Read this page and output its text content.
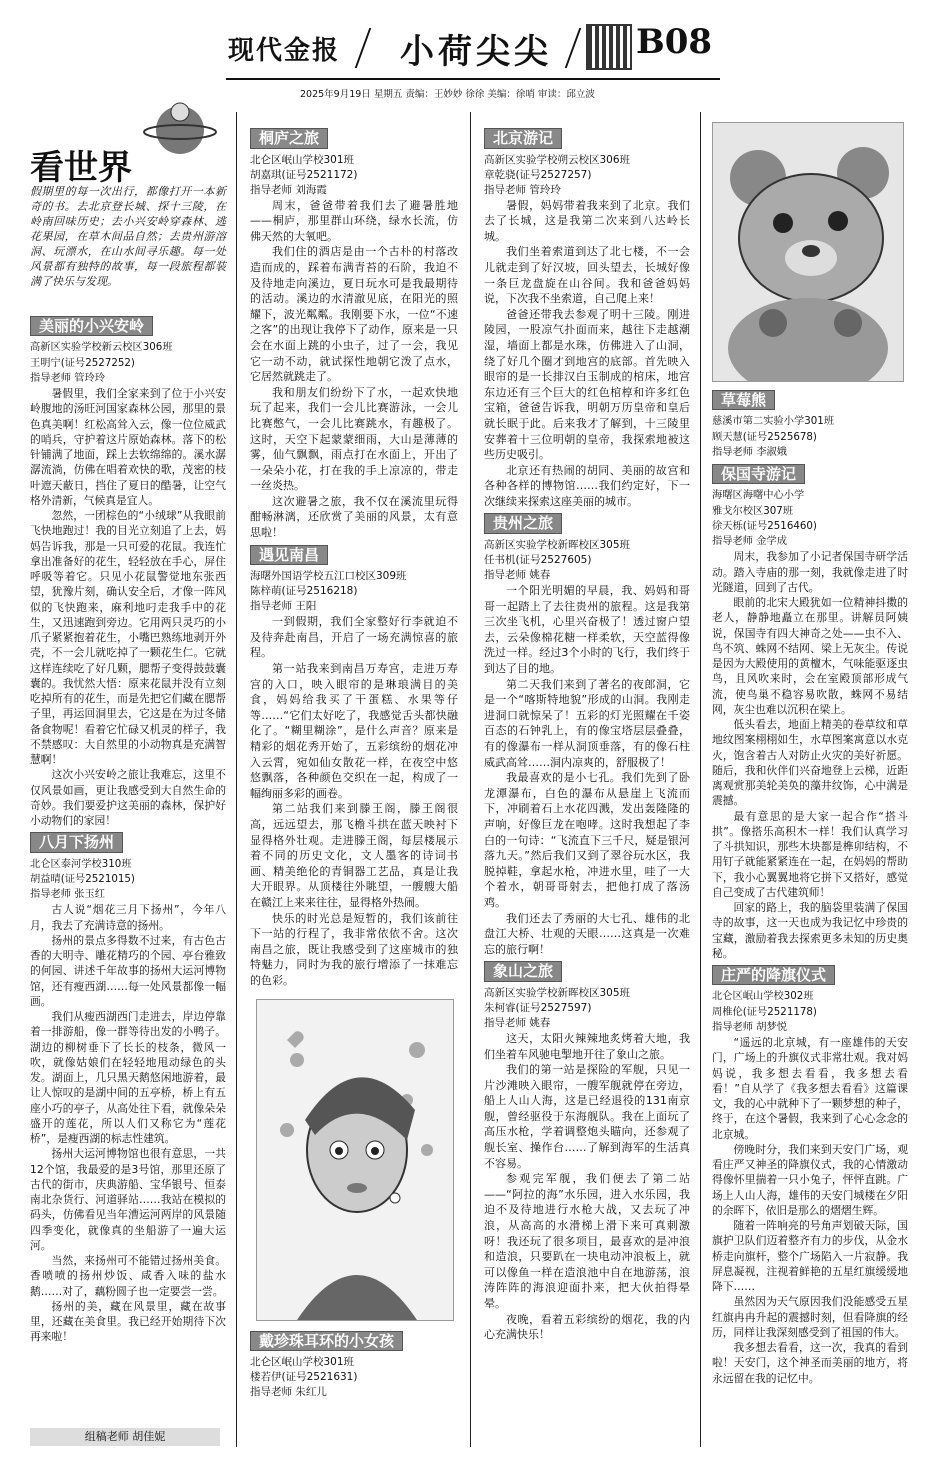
现代金报 小荷尖尖 B08
2025年9月19日 星期五 责编：王妙妙 徐徐 美编：徐哨 审读：邱立波
看世界
假期里的每一次出行，都像打开一本新奇的书。去北京登长城、探十三陵，在岭南回味历史；去小兴安岭穿森林、逃花果园，在草木间品自然；去贵州游溶洞、玩漂水，在山水间寻乐趣。每一处风景都有独特的故事，每一段旅程都装满了快乐与发现。
美丽的小兴安岭
高新区实验学校新云校区306班
王明宁(证号2527252)
指导老师 管玲玲

暑假里，我们全家来到了位于小兴安岭腹地的汤旺河国家森林公园，那里的景色真美啊！红松高耸入云，像一位位威武的哨兵，守护着这片原始森林。落下的松针铺满了地面，踩上去软绵绵的。溪水潺潺流淌，仿佛在唱着欢快的歌，茂密的枝叶遮天蔽日，挡住了夏日的酷暑，让空气格外清新，气候真是宜人。

忽然，一团棕色的“小绒球”从我眼前飞快地跑过！我的目光立刻追了上去，妈妈告诉我，那是一只可爱的花鼠。我连忙拿出准备好的花生，轻轻放在手心，屏住呼吸等着它。只见小花鼠警觉地东张西望，犹豫片刻，确认安全后，才像一阵风似的飞快跑来，麻利地叼走我手中的花生，又迅速跑到旁边。它用两只灵巧的小爪子紧紧抱着花生，小嘴巴熟练地剥开外壳，不一会儿就吃掉了一颗花生仁。它就这样连续吃了好几颗，腮帮子变得鼓鼓囊囊的。我忧然大悟：原来花鼠并没有立刻吃掉所有的花生，而是先把它们藏在腮帮子里，再运回洞里去，它这是在为过冬储备食物呢！看着它忙碌又机灵的样子，我不禁感叹：大自然里的小动物真是充满智慧啊！

这次小兴安岭之旅让我难忘，这里不仅风景如画，更让我感受到大自然生命的奇妙。我们要爱护这美丽的森林，保护好小动物们的家园！

八月下扬州
北仑区泰河学校310班
胡益晴(证号2521015)
指导老师 张玉红

古人说“烟花三月下扬州”，今年八月，我去了充满诗意的扬州。

扬州的景点多得数不过来，有古色古香的大明寺、雕花精巧的个园、亭台雅致的何园、讲述千年故事的扬州大运河博物馆，还有瘦西湖……每一处风景都像一幅画。

我们从瘦西湖西门走进去，岸边停靠着一排游船，像一群等待出发的小鸭子。湖边的柳树垂下了长长的枝条，微风一吹，就像姑娘们在轻轻地甩动绿色的头发。湖面上，几只黑天鹅悠闲地游着，最让人惊叹的是湖中间的五亭桥，桥上有五座小巧的亭子，从高处往下看，就像朵朵盛开的莲花，所以人们又称它为“莲花桥”，是瘦西湖的标志性建筑。

扬州大运河博物馆也很有意思，一共12个馆，我最爱的是3号馆，那里还原了古代的街市，庆典游船、宝华银号、恒泰南北杂货行、河道驿站……我站在模拟的码头，仿佛看见当年漕运河两岸的风景随四季变化，就像真的坐船游了一遍大运河。

当然，来扬州可不能错过扬州美食。香喷喷的扬州炒饭、咸香入味的盐水鹅……对了，藕粉圆子也一定要尝一尝。

扬州的美，藏在风景里，藏在故事里，还藏在美食里。我已经开始期待下次再来啦！

桐庐之旅
北仑区岷山学校301班
胡嘉琪(证号2521172)
指导老师 刘海霞

周末，爸爸带着我们去了避暑胜地——桐庐，那里群山环绕，绿水长流，仿佛天然的大氧吧。

我们住的酒店是由一个古朴的村落改造而成的，踩着布满青苔的石阶，我迫不及待地走向溪边，夏日玩水可是我最期待的活动。溪边的水清澈见底，在阳光的照耀下，波光粼粼。我刚要下水，一位“不速之客”的出现让我停下了动作，原来是一只会在水面上跳的小虫子，过了一会，我见它一动不动，就试探性地朝它泼了点水，它居然就跳走了。

我和朋友们纷纷下了水，一起欢快地玩了起来，我们一会儿比赛游泳，一会儿比赛憋气，一会儿比赛跳水，有趣极了。这时，天空下起蒙蒙细雨，大山是薄薄的雾，仙气飘飘，雨点打在水面上，开出了一朵朵小花，打在我的手上凉凉的，带走一丝炎热。

这次避暑之旅，我不仅在溪流里玩得酣畅淋漓，还欣赏了美丽的风景，太有意思啦！

遇见南昌
海曙外国语学校五江口校区309班
陈梓萌(证号2516218)
指导老师 王阳

一到假期，我们全家整好行李就迫不及待奔赴南昌，开启了一场充满惊喜的旅程。

第一站我来到南昌万寿宫，走进万寿宫的入口，映入眼帘的是琳琅满目的美食，妈妈给我买了干蛋糕、水果等仔等……“它们太好吃了，我感觉舌头都快融化了。“糊里糊涂”，是什么声音？原来是精彩的烟花秀开始了，五彩缤纷的烟花冲入云霄，宛如仙女散花一样，在夜空中悠悠飘落，各种颜色交织在一起，构成了一幅绚丽多彩的画卷。

第二站我们来到滕王阁，滕王阁很高，远远望去，那飞檐斗拱在蓝天映衬下显得格外壮观。走进滕王阁，每层楼展示着不同的历史文化，文人墨客的诗词书画、精美绝伦的青铜器工艺品，真是让我大开眼界。从顶楼往外眺望，一艘艘大船在赣江上来来往往，显得格外热闹。

快乐的时光总是短暂的，我们该前往下一站的行程了，我非常依依不舍。这次南昌之旅，既让我感受到了这座城市的独特魅力，同时为我的旅行增添了一抹难忘的色彩。

戴珍珠耳环的小女孩
北仑区岷山学校301班
楼若伊(证号2521631)
指导老师 朱红儿
北京游记
高新区实验学校朔云校区306班
章乾骁(证号2527257)
指导老师 管玲玲

暑假，妈妈带着我来到了北京。我们去了长城，这是我第二次来到八达岭长城。

我们坐着索道到达了北七楼，不一会儿就走到了好汉坡，回头望去，长城好像一条巨龙盘旋在山谷间。我和爸爸妈妈说，下次我不坐索道，自己爬上来！

爸爸还带我去参观了明十三陵。刚进陵园，一股凉气扑面而来，越往下走越潮湿，墙面上都是水珠，仿佛进入了山洞，绕了好几个圈才到地宫的底部。首先映入眼帘的是一长排汉白玉制成的棺床，地宫东边还有三个巨大的红色棺椁和许多红色宝箱，爸爸告诉我，明朝万历皇帝和皇后就长眠于此。后来我才了解到，十三陵里安葬着十三位明朝的皇帝，我探索地被这些历史吸引。

北京还有热闹的胡同、美丽的故宫和各种各样的博物馆……我们约定好，下一次继续来探索这座美丽的城市。

贵州之旅
高新区实验学校新晖校区305班
任书机(证号2527605)
指导老师 姚春

一个阳光明媚的早晨，我、妈妈和哥哥一起踏上了去往贵州的旅程。这是我第三次坐飞机，心里兴奋极了！透过窗户望去，云朵像棉花糖一样柔软，天空蓝得像洗过一样。经过3个小时的飞行，我们终于到达了目的地。

第二天我们来到了著名的夜郎洞，它是一个“喀斯特地貌”形成的山洞。我刚走进洞口就惊呆了！五彩的灯光照耀在千姿百态的石钟乳上，有的像宝塔层层叠叠，有的像瀑布一样从洞顶垂落，有的像石柱威武高耸……洞内凉爽的，舒服极了！

我最喜欢的是小七孔。我们先到了卧龙潭瀑布，白色的瀑布从悬崖上飞流而下，冲刷着石上水花四溅，发出轰隆隆的声响，好像巨龙在咆哮。这时我想起了李白的一句诗：“飞流直下三千尺，疑是银河落九天。”然后我们又到了翠谷玩水区，我脱掉鞋，拿起水枪，冲进水里，哇了一大个着水，朝哥哥射去，把他打成了落汤鸡。

我们还去了秀丽的大七孔、雄伟的北盘江大桥、壮观的天眼……这真是一次难忘的旅行啊！

象山之旅
高新区实验学校新晖校区305班
朱柯睿(证号2527597)
指导老师 姚春

这天，太阳火辣辣地炙烤着大地，我们坐着车风驰电掣地开往了象山之旅。

我们的第一站是探险的军舰，只见一片沙滩映入眼帘，一艘军舰就停在旁边，船上人山人海，这是已经退役的131南京舰，曾经驱役于东海舰队。我在上面玩了高压水枪，学着调整炮头瞄向，还参观了舰长室、操作台……了解到海军的生活真不容易。

参观完军舰，我们便去了第二站——“阿拉的海”水乐园，进入水乐园，我迫不及待地进行水枪大战，又去玩了冲浪，从高高的水滑梯上滑下来可真刺激呀！我还玩了很多项目，最喜欢的是冲浪和造浪，只要趴在一块电动冲浪板上，就可以像鱼一样在造浪池中自在地游荡，浪涛阵阵的海浪迎面扑来，把大伙拍得晕晕。

夜晚，看着五彩缤纷的烟花，我的内心充满快乐！

草莓熊
慈溪市第二实验小学301班
顾天慧(证号2525678)
指导老师 李淑娥
保国寺游记
海曙区海曙中心小学
雅戈尔校区307班
徐天栎(证号2516460)
指导老师 金学成

周末，我参加了小记者保国寺研学活动。踏入寺庙的那一刻，我就像走进了时光隧道，回到了古代。

眼前的北宋大殿犹如一位精神抖擞的老人，静静地矗立在那里。讲解员阿姨说，保国寺有四大神奇之处——虫不入、鸟不筑、蛛网不结网、梁上无灰尘。传说是因为大殿使用的黄檀木，气味能驱逐虫鸟，且风吹来时，会在室殿顶部形成气流，使鸟巢不稳容易吹散，蛛网不易结网，灰尘也难以沉积在梁上。

低头看去，地面上精美的卷草纹和草地纹图案栩栩如生，水草图案寓意以水克火，饱含着古人对防止火灾的美好祈愿。随后，我和伙伴们兴奋地登上云梯，近距离观赏那美轮美奂的藻井纹饰，心中满是震撼。

最有意思的是大家一起合作“搭斗拱”。像搭乐高积木一样！我们认真学习了斗拱知识，那些木块都是榫卯结构，不用钉子就能紧紧连在一起，在妈妈的帮助下，我小心翼翼地将它拼下又搭好，感觉自己变成了古代建筑师！

回家的路上，我的脑袋里装满了保国寺的故事，这一天也成为我记忆中珍贵的宝藏，激励着我去探索更多未知的历史奥秘。

庄严的降旗仪式
北仑区岷山学校302班
周椎伦(证号2521178)
指导老师 胡梦悦

“遥远的北京城，有一座雄伟的天安门，广场上的升旗仪式非常壮观。我对妈妈说，我多想去看看，我多想去看看！”自从学了《我多想去看看》这篇课文，我的心中就种下了一颗梦想的种子，终于，在这个暑假，我来到了心心念念的北京城。

傍晚时分，我们来到天安门广场，观看庄严又神圣的降旗仪式，我的心情激动得像怀里揣着一只小兔子，怦怦直跳。广场上人山人海，雄伟的天安门城楼在夕阳的余晖下，依旧是那么的熠熠生辉。

随着一阵响亮的号角声划破天际，国旗护卫队们迈着整齐有力的步伐，从金水桥走向旗杆，整个广场陷入一片寂静。我屏息凝视，注视着鲜艳的五星红旗缓缓地降下……

虽然因为天气原因我们没能感受五星红旗冉冉升起的震撼时刻，但看降旗的经历，同样让我深刻感受到了祖国的伟大。

我多想去看看，这一次，我真的看到啦！天安门，这个神圣而美丽的地方，将永远留在我的记忆中。

组稿老师 胡佳妮
